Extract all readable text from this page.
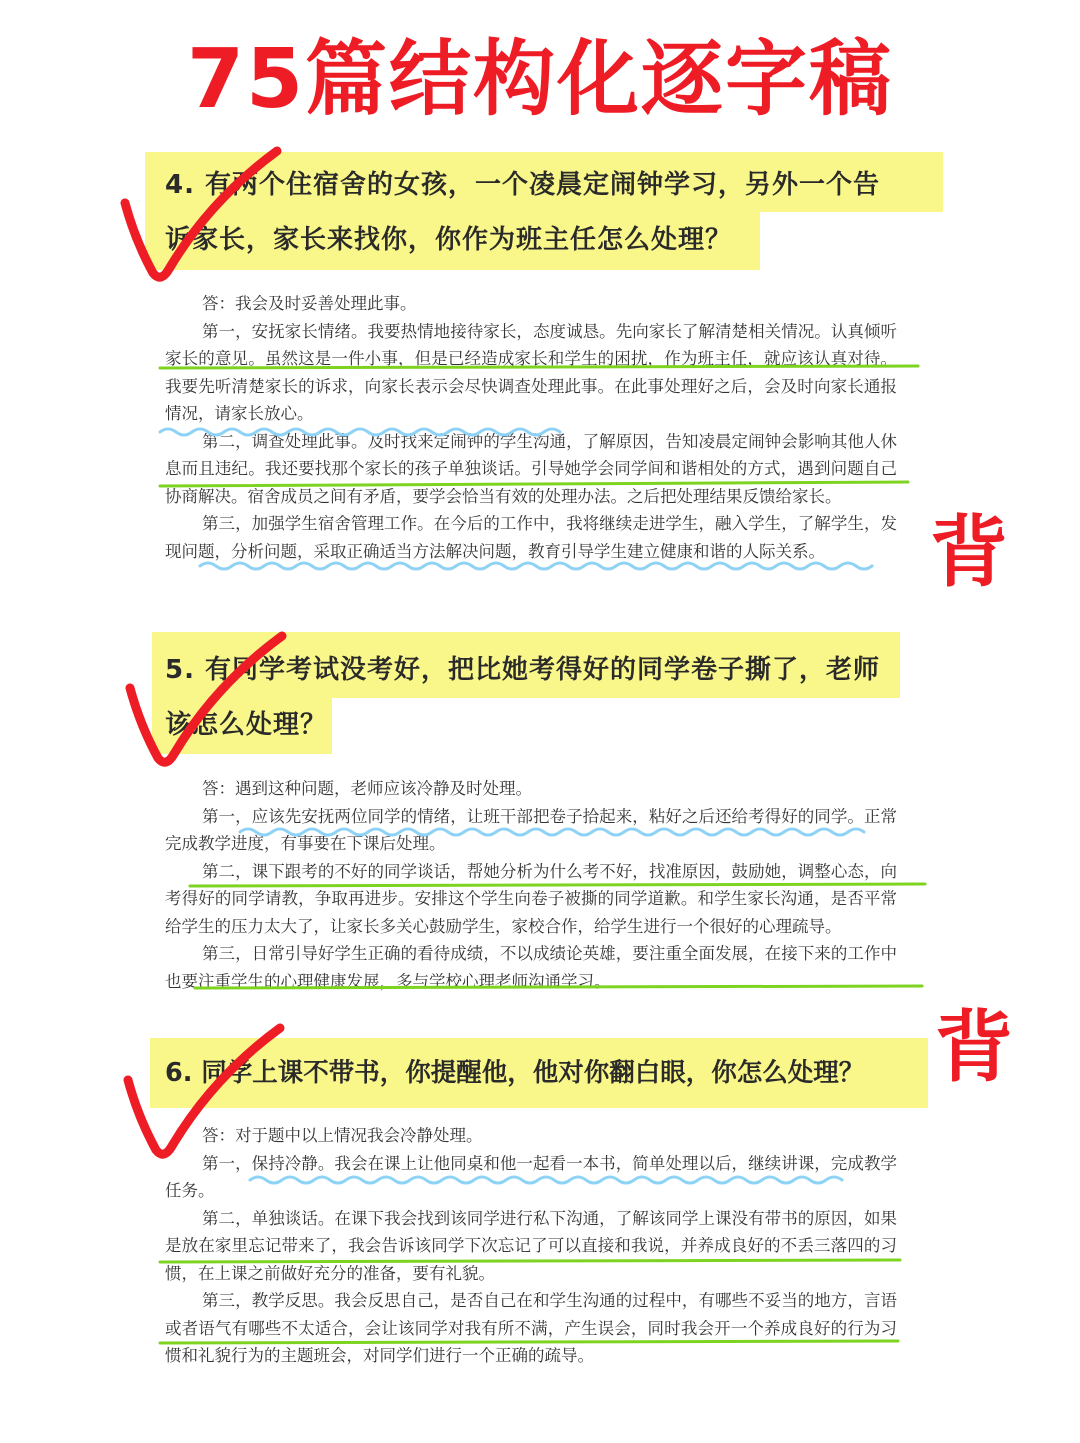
75篇结构化逐字稿
4. 有两个住宿舍的女孩，一个凌晨定闹钟学习，另外一个告
诉家长，家长来找你，你作为班主任怎么处理？

答：我会及时妥善处理此事。

第一，安抚家长情绪。我要热情地接待家长，态度诚恳。先向家长了解清楚相关情况。认真倾听家长的意见。虽然这是一件小事，但是已经造成家长和学生的困扰，作为班主任，就应该认真对待。我要先听清楚家长的诉求，向家长表示会尽快调查处理此事。在此事处理好之后，会及时向家长通报情况，请家长放心。

第二，调查处理此事。及时找来定闹钟的学生沟通，了解原因，告知凌晨定闹钟会影响其他人休息而且违纪。我还要找那个家长的孩子单独谈话。引导她学会同学间和谐相处的方式，遇到问题自己协商解决。宿舍成员之间有矛盾，要学会恰当有效的处理办法。之后把处理结果反馈给家长。

第三，加强学生宿舍管理工作。在今后的工作中，我将继续走进学生，融入学生，了解学生，发现问题，分析问题，采取正确适当方法解决问题，教育引导学生建立健康和谐的人际关系。

5. 有同学考试没考好，把比她考得好的同学卷子撕了，老师
该怎么处理？

答：遇到这种问题，老师应该冷静及时处理。

第一，应该先安抚两位同学的情绪，让班干部把卷子拾起来，粘好之后还给考得好的同学。正常完成教学进度，有事要在下课后处理。

第二，课下跟考的不好的同学谈话，帮她分析为什么考不好，找准原因，鼓励她，调整心态，向考得好的同学请教，争取再进步。安排这个学生向卷子被撕的同学道歉。和学生家长沟通，是否平常给学生的压力太大了，让家长多关心鼓励学生，家校合作，给学生进行一个很好的心理疏导。

第三，日常引导好学生正确的看待成绩，不以成绩论英雄，要注重全面发展，在接下来的工作中也要注重学生的心理健康发展，多与学校心理老师沟通学习。

6. 同学上课不带书，你提醒他，他对你翻白眼，你怎么处理？

答：对于题中以上情况我会冷静处理。

第一，保持冷静。我会在课上让他同桌和他一起看一本书，简单处理以后，继续讲课，完成教学任务。

第二，单独谈话。在课下我会找到该同学进行私下沟通，了解该同学上课没有带书的原因，如果是放在家里忘记带来了，我会告诉该同学下次忘记了可以直接和我说，并养成良好的不丢三落四的习惯，在上课之前做好充分的准备，要有礼貌。

第三，教学反思。我会反思自己，是否自己在和学生沟通的过程中，有哪些不妥当的地方，言语或者语气有哪些不太适合，会让该同学对我有所不满，产生误会，同时我会开一个养成良好的行为习惯和礼貌行为的主题班会，对同学们进行一个正确的疏导。

背
背
